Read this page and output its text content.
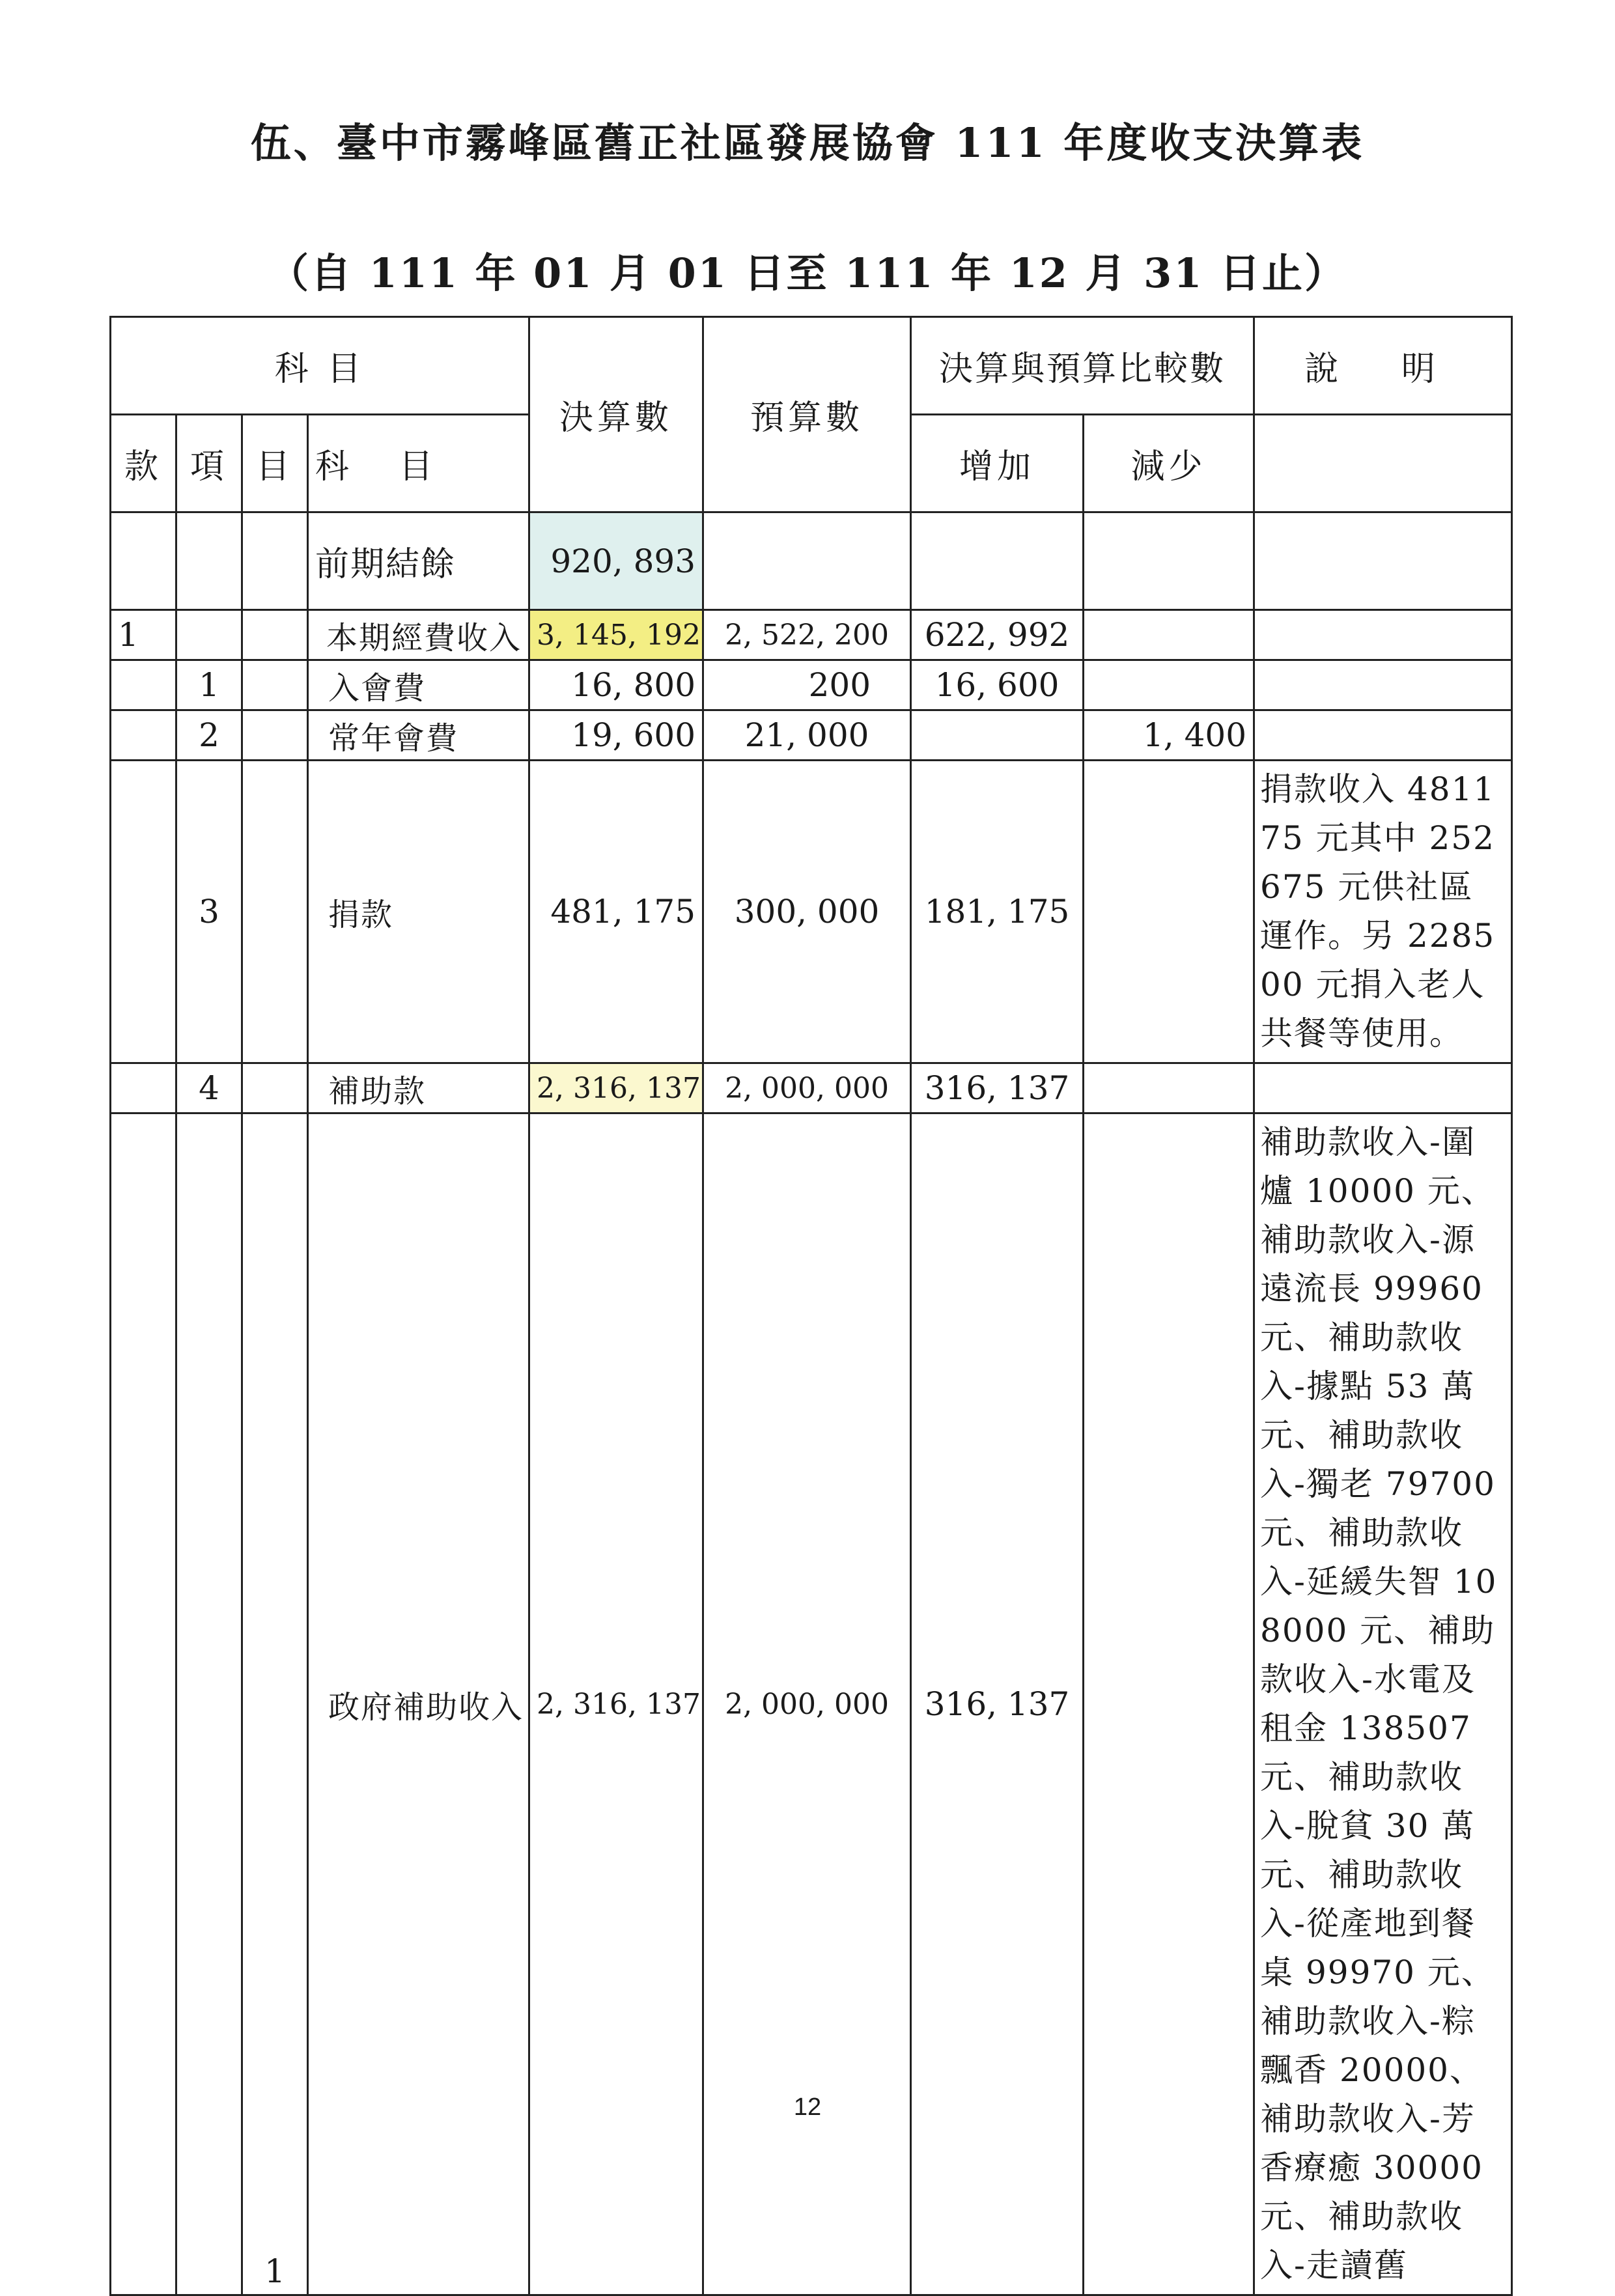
伍、臺中市霧峰區舊正社區發展協會 111 年度收支決算表
（自 111 年 01 月 01 日至 111 年 12 月 31 日止）
科 目				決算數	預算數	決算與預算比較數		說 明
款	項	目	科 目			增加	減少	
			前期結餘	920, 893				
1			本期經費收入	3, 145, 192	2, 522, 200	622, 992		
	1		入會費	16, 800	200	16, 600		
	2		常年會費	19, 600	21, 000		1, 400	
	3		捐款	481, 175	300, 000	181, 175		捐款收入 481175 元其中 252675 元供社區運作。另 228500 元捐入老人共餐等使用。
	4		補助款	2, 316, 137	2, 000, 000	316, 137		
		1	政府補助收入	2, 316, 137	2, 000, 000	316, 137		補助款收入-圍爐 10000 元、補助款收入-源遠流長 99960 元、補助款收入-據點 53 萬元、補助款收入-獨老 79700 元、補助款收入-延緩失智 108000 元、補助款收入-水電及租金 138507 元、補助款收入-脫貧 30 萬元、補助款收入-從產地到餐桌 99970 元、補助款收入-粽飄香 20000、補助款收入-芳香療癒 30000 元、補助款收入-走讀舊
12
